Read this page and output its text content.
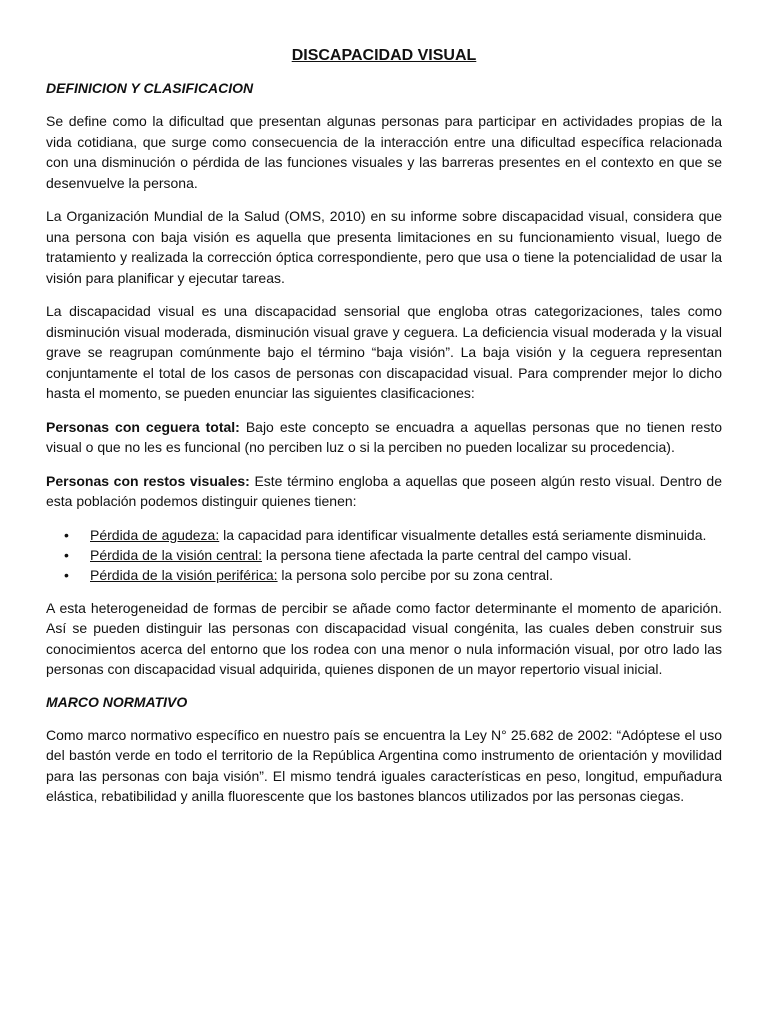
DISCAPACIDAD VISUAL
DEFINICION Y CLASIFICACION

Se define como la dificultad que presentan algunas personas para participar en actividades propias de la vida cotidiana, que surge como consecuencia de la interacción entre una dificultad específica relacionada con una disminución o pérdida de las funciones visuales y las barreras presentes en el contexto en que se desenvuelve la persona.

La Organización Mundial de la Salud (OMS, 2010) en su informe sobre discapacidad visual, considera que una persona con baja visión es aquella que presenta limitaciones en su funcionamiento visual, luego de tratamiento y realizada la corrección óptica correspondiente, pero que usa o tiene la potencialidad de usar la visión para planificar y ejecutar tareas.

La discapacidad visual es una discapacidad sensorial que engloba otras categorizaciones, tales como disminución visual moderada, disminución visual grave y ceguera. La deficiencia visual moderada y la visual grave se reagrupan comúnmente bajo el término “baja visión”. La baja visión y la ceguera representan conjuntamente el total de los casos de personas con discapacidad visual. Para comprender mejor lo dicho hasta el momento, se pueden enunciar las siguientes clasificaciones:

Personas con ceguera total: Bajo este concepto se encuadra a aquellas personas que no tienen resto visual o que no les es funcional (no perciben luz o si la perciben no pueden localizar su procedencia).

Personas con restos visuales: Este término engloba a aquellas que poseen algún resto visual. Dentro de esta población podemos distinguir quienes tienen:

• Pérdida de agudeza: la capacidad para identificar visualmente detalles está seriamente disminuida.
• Pérdida de la visión central: la persona tiene afectada la parte central del campo visual.
• Pérdida de la visión periférica: la persona solo percibe por su zona central.

A esta heterogeneidad de formas de percibir se añade como factor determinante el momento de aparición. Así se pueden distinguir las personas con discapacidad visual congénita, las cuales deben construir sus conocimientos acerca del entorno que los rodea con una menor o nula información visual, por otro lado las personas con discapacidad visual adquirida, quienes disponen de un mayor repertorio visual inicial.

MARCO NORMATIVO

Como marco normativo específico en nuestro país se encuentra la Ley N° 25.682 de 2002: “Adóptese el uso del bastón verde en todo el territorio de la República Argentina como instrumento de orientación y movilidad para las personas con baja visión”. El mismo tendrá iguales características en peso, longitud, empuñadura elástica, rebatibilidad y anilla fluorescente que los bastones blancos utilizados por las personas ciegas.
